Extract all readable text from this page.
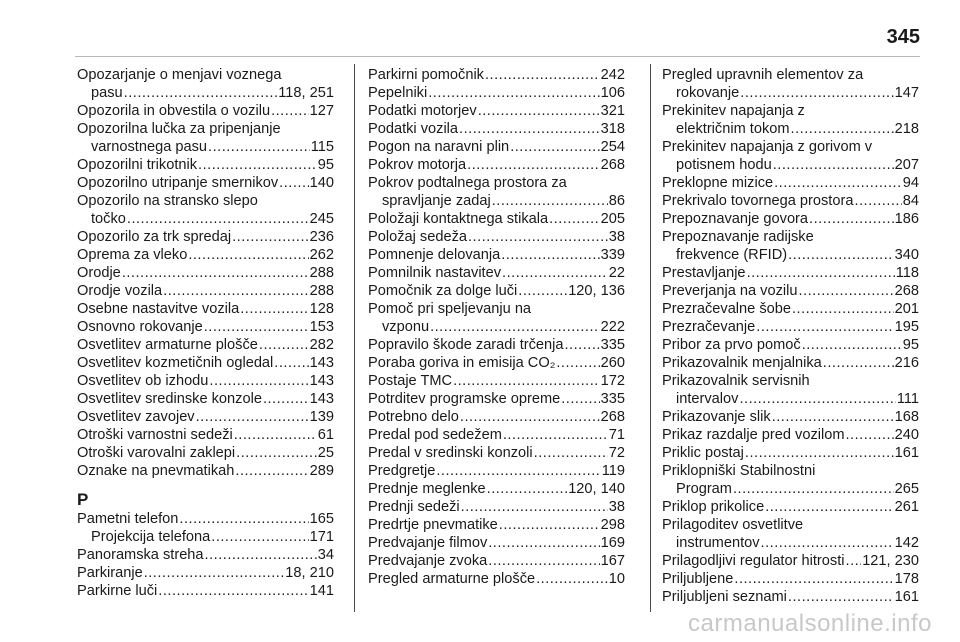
345
Opozarjanje o menjavi voznega
pasu .....	118, 251
Opozorila in obvestila o vozilu .....	127
Opozorilna lučka za pripenjanje
varnostnega pasu .....	115
Opozorilni trikotnik .....	95
Opozorilno utripanje smernikov ..... 140
Opozorilo na stransko slepo
točko .....	245
Opozorilo za trk spredaj .....	236
Oprema za vleko .....	262
Orodje .....	288
Orodje vozila .....	288
Osebne nastavitve vozila .....	128
Osnovno rokovanje .....	153
Osvetlitev armaturne plošče .....	282
Osvetlitev kozmetičnih ogledal ..... 143
Osvetlitev ob izhodu .....	143
Osvetlitev sredinske konzole .....	143
Osvetlitev zavojev .....	139
Otroški varnostni sedeži .....	61
Otroški varovalni zaklepi .....	25
Oznake na pnevmatikah .....	289
P
Pametni telefon .....	165
Projekcija telefona .....	171
Panoramska streha .....	34
Parkiranje .....	18, 210
Parkirne luči .....	141
Parkirni pomočnik .....	242
Pepelniki .....	106
Podatki motorjev .....	321
Podatki vozila .....	318
Pogon na naravni plin .....	254
Pokrov motorja .....	268
Pokrov podtalnega prostora za
spravljanje zadaj .....	86
Položaji kontaktnega stikala .....	205
Položaj sedeža .....	38
Pomnenje delovanja .....	339
Pomnilnik nastavitev .....	22
Pomočnik za dolge luči .....	120, 136
Pomoč pri speljevanju na
vzponu .....	222
Popravilo škode zaradi trčenja .....	335
Poraba goriva in emisija CO₂ .....	260
Postaje TMC .....	172
Potrditev programske opreme .....	335
Potrebno delo .....	268
Predal pod sedežem .....	71
Predal v sredinski konzoli .....	72
Predgretje .....	119
Prednje meglenke .....	120, 140
Prednji sedeži .....	38
Predrtje pnevmatike .....	298
Predvajanje filmov .....	169
Predvajanje zvoka .....	167
Pregled armaturne plošče .....	10
Pregled upravnih elementov za
rokovanje .....	147
Prekinitev napajanja z
električnim tokom .....	218
Prekinitev napajanja z gorivom v
potisnem hodu .....	207
Preklopne mizice .....	94
Prekrivalo tovornega prostora .....	84
Prepoznavanje govora .....	186
Prepoznavanje radijske
frekvence (RFID) .....	340
Prestavljanje .....	118
Preverjanja na vozilu .....	268
Prezračevalne šobe .....	201
Prezračevanje .....	195
Pribor za prvo pomoč .....	95
Prikazovalnik menjalnika .....	216
Prikazovalnik servisnih
intervalov .....	111
Prikazovanje slik .....	168
Prikaz razdalje pred vozilom .....	240
Priklic postaj .....	161
Priklopniški Stabilnostni
Program .....	265
Priklop prikolice .....	261
Prilagoditev osvetlitve
instrumentov .....	142
Prilagodljivi regulator hitrosti ..... 121, 230
Priljubljene .....	178
Priljubljeni seznami .....	161
carmanualsonline.info
